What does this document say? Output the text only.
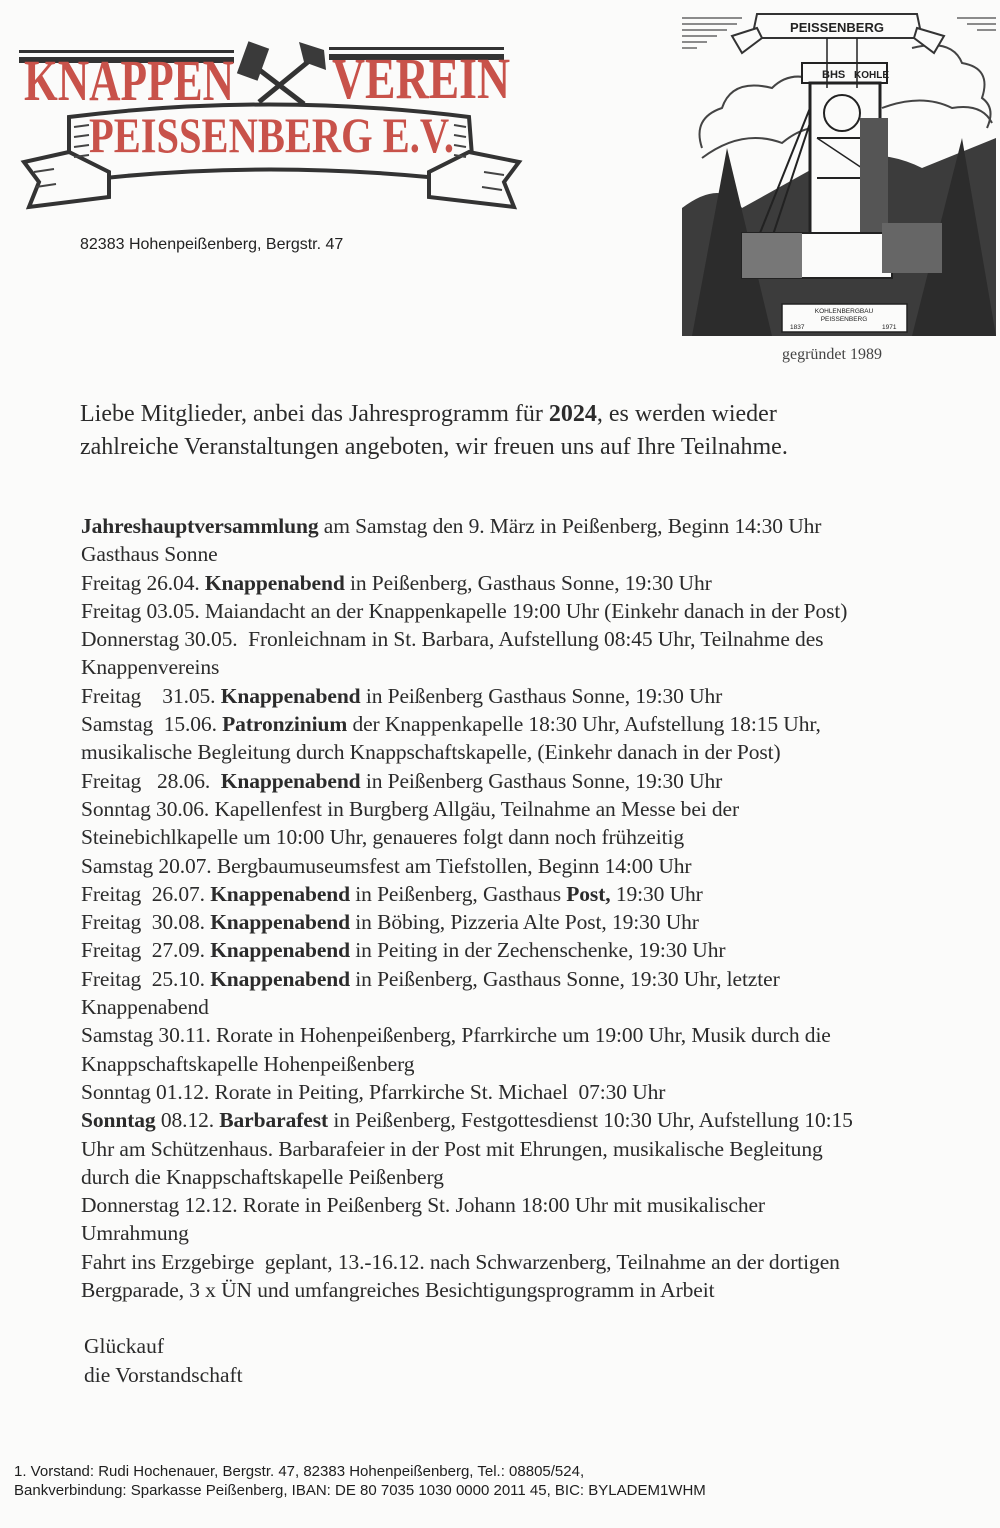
KNAPPEN VEREIN
PEISSENBERG E.V.
82383 Hohenpeißenberg, Bergstr. 47
PEISSENBERG
BHS KOHLE
KOHLENBERGBAU
PEISSENBERG
1837	1971
gegründet 1989
Liebe Mitglieder, anbei das Jahresprogramm für 2024, es werden wieder
zahlreiche Veranstaltungen angeboten, wir freuen uns auf Ihre Teilnahme.
Jahreshauptversammlung am Samstag den 9. März in Peißenberg, Beginn 14:30 Uhr
Gasthaus Sonne
Freitag 26.04. Knappenabend in Peißenberg, Gasthaus Sonne, 19:30 Uhr
Freitag 03.05. Maiandacht an der Knappenkapelle 19:00 Uhr (Einkehr danach in der Post)
Donnerstag 30.05.  Fronleichnam in St. Barbara, Aufstellung 08:45 Uhr, Teilnahme des
Knappenvereins
Freitag    31.05. Knappenabend in Peißenberg Gasthaus Sonne, 19:30 Uhr
Samstag  15.06. Patronzinium der Knappenkapelle 18:30 Uhr, Aufstellung 18:15 Uhr,
musikalische Begleitung durch Knappschaftskapelle, (Einkehr danach in der Post)
Freitag   28.06.  Knappenabend in Peißenberg Gasthaus Sonne, 19:30 Uhr
Sonntag 30.06. Kapellenfest in Burgberg Allgäu, Teilnahme an Messe bei der
Steinebichlkapelle um 10:00 Uhr, genaueres folgt dann noch frühzeitig
Samstag 20.07. Bergbaumuseumsfest am Tiefstollen, Beginn 14:00 Uhr
Freitag  26.07. Knappenabend in Peißenberg, Gasthaus Post, 19:30 Uhr
Freitag  30.08. Knappenabend in Böbing, Pizzeria Alte Post, 19:30 Uhr
Freitag  27.09. Knappenabend in Peiting in der Zechenschenke, 19:30 Uhr
Freitag  25.10. Knappenabend in Peißenberg, Gasthaus Sonne, 19:30 Uhr, letzter
Knappenabend
Samstag 30.11. Rorate in Hohenpeißenberg, Pfarrkirche um 19:00 Uhr, Musik durch die
Knappschaftskapelle Hohenpeißenberg
Sonntag 01.12. Rorate in Peiting, Pfarrkirche St. Michael  07:30 Uhr
Sonntag 08.12. Barbarafest in Peißenberg, Festgottesdienst 10:30 Uhr, Aufstellung 10:15
Uhr am Schützenhaus. Barbarafeier in der Post mit Ehrungen, musikalische Begleitung
durch die Knappschaftskapelle Peißenberg
Donnerstag 12.12. Rorate in Peißenberg St. Johann 18:00 Uhr mit musikalischer
Umrahmung
Fahrt ins Erzgebirge  geplant, 13.-16.12. nach Schwarzenberg, Teilnahme an der dortigen
Bergparade, 3 x ÜN und umfangreiches Besichtigungsprogramm in Arbeit
Glückauf
die Vorstandschaft
1. Vorstand: Rudi Hochenauer, Bergstr. 47, 82383 Hohenpeißenberg, Tel.: 08805/524,
Bankverbindung: Sparkasse Peißenberg, IBAN: DE 80 7035 1030 0000 2011 45, BIC: BYLADEM1WHM
